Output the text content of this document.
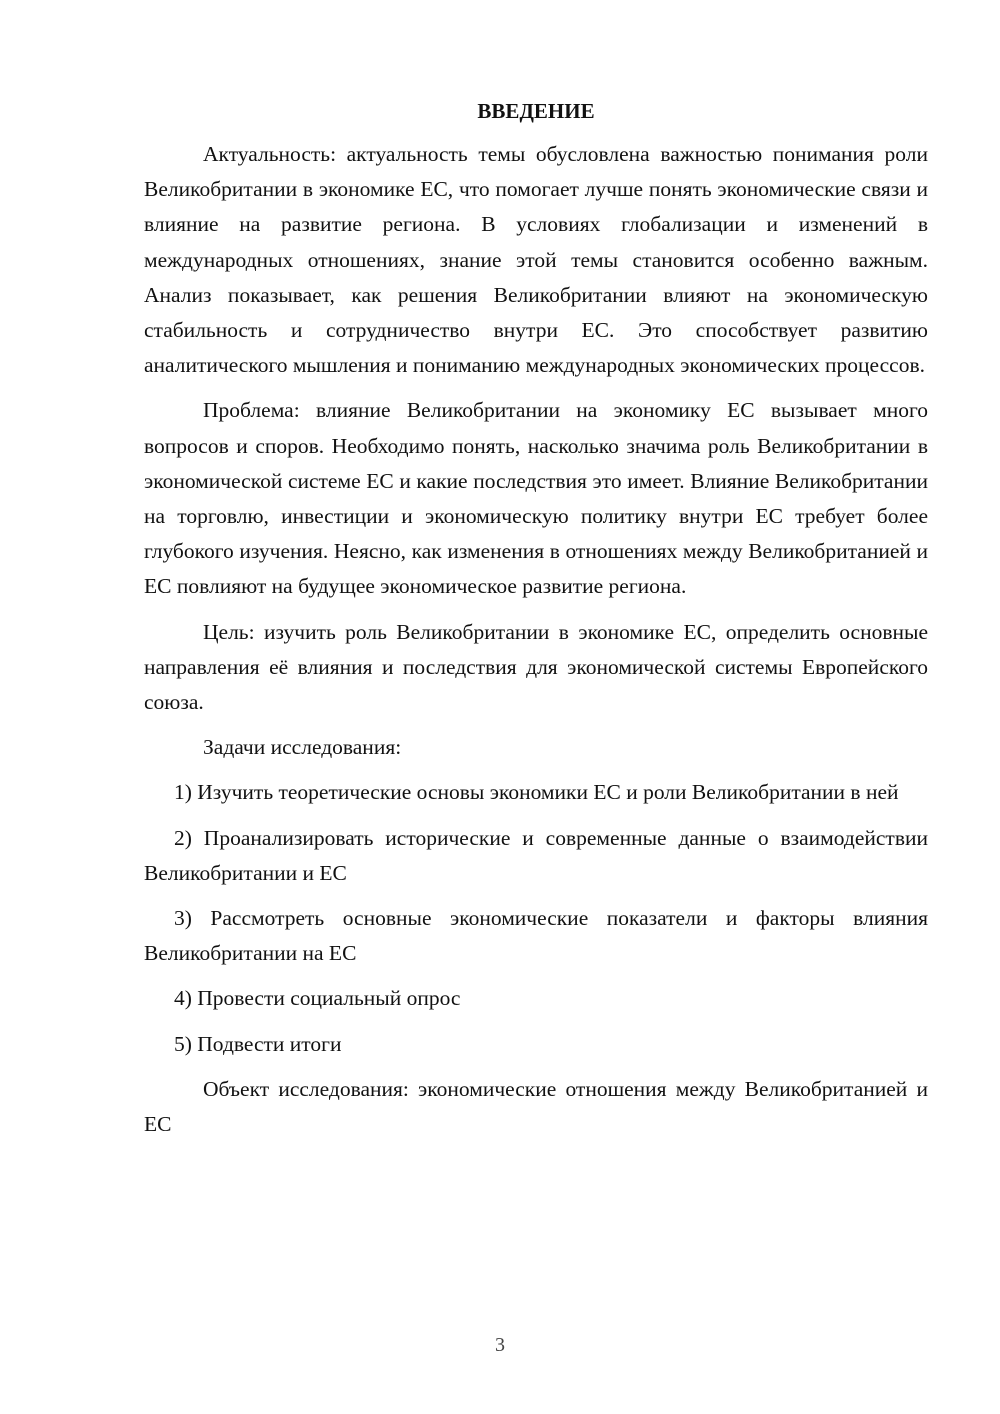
ВВЕДЕНИЕ

Актуальность: актуальность темы обусловлена важностью понимания роли Великобритании в экономике ЕС, что помогает лучше понять экономические связи и влияние на развитие региона. В условиях глобализации и изменений в международных отношениях, знание этой темы становится особенно важным. Анализ показывает, как решения Великобритании влияют на экономическую стабильность и сотрудничество внутри ЕС. Это способствует развитию аналитического мышления и пониманию международных экономических процессов.

Проблема: влияние Великобритании на экономику ЕС вызывает много вопросов и споров. Необходимо понять, насколько значима роль Великобритании в экономической системе ЕС и какие последствия это имеет. Влияние Великобритании на торговлю, инвестиции и экономическую политику внутри ЕС требует более глубокого изучения. Неясно, как изменения в отношениях между Великобританией и ЕС повлияют на будущее экономическое развитие региона.

Цель: изучить роль Великобритании в экономике ЕС, определить основные направления её влияния и последствия для экономической системы Европейского союза.

Задачи исследования:

1) Изучить теоретические основы экономики ЕС и роли Великобритании в ней

2) Проанализировать исторические и современные данные о взаимодействии Великобритании и ЕС

3) Рассмотреть основные экономические показатели и факторы влияния Великобритании на ЕС

4) Провести социальный опрос

5) Подвести итоги

Объект исследования: экономические отношения между Великобританией и ЕС

3
